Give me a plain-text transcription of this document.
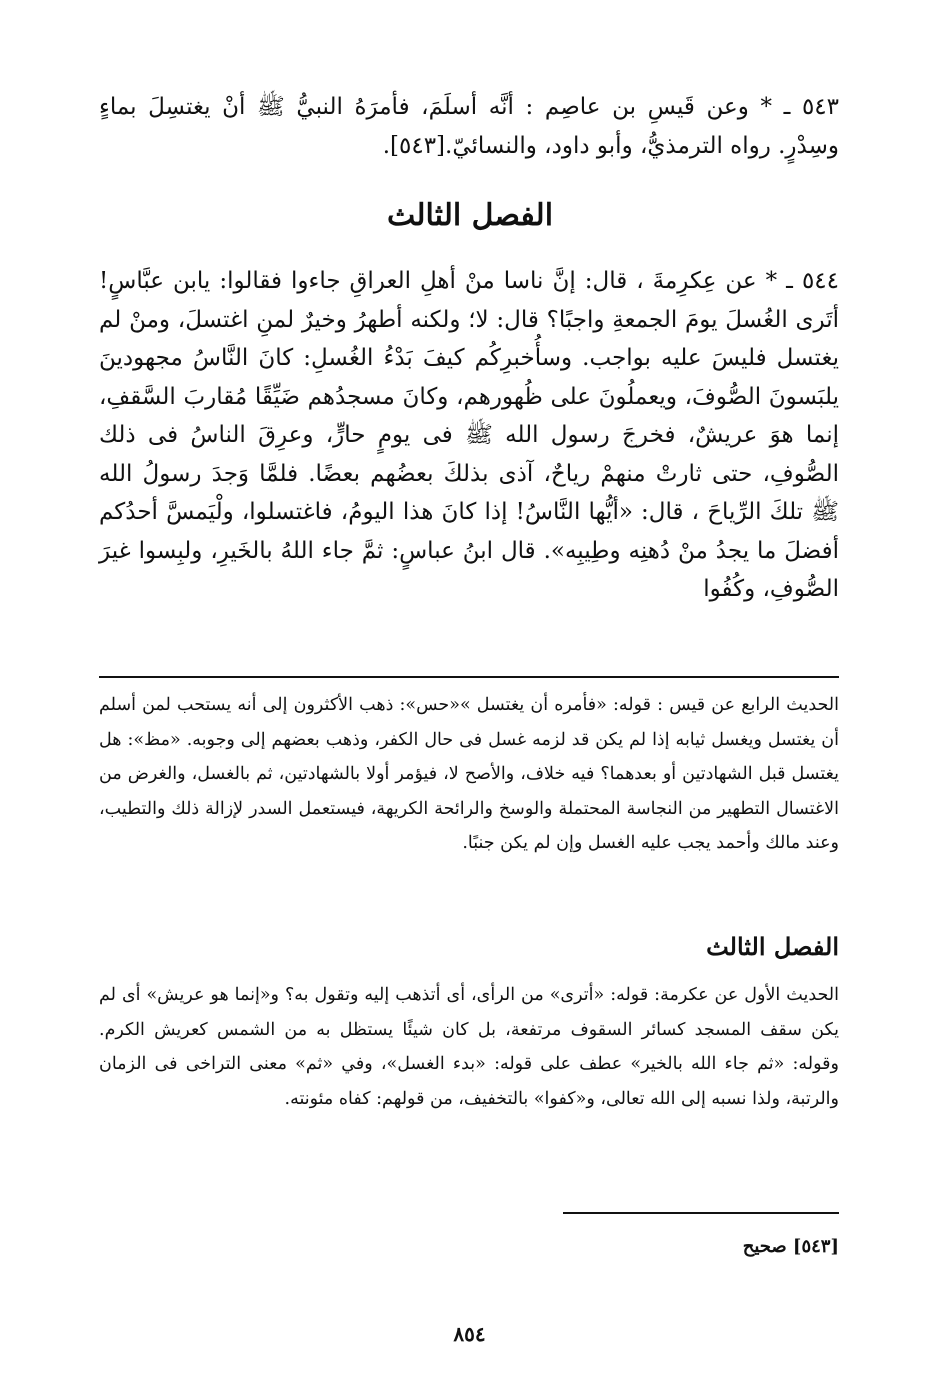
٥٤٣ ـ * وعن قَيسِ بن عاصِم : أنَّه أسلَمَ، فأمرَهُ النبيُّ ﷺ أنْ يغتسِلَ بماءٍ وسِدْرٍ. رواه الترمذيُّ، وأبو داود، والنسائيّ.[٥٤٣].

الفصل الثالث

٥٤٤ ـ * عن عِكرِمةَ ، قال: إنَّ ناسا منْ أهلِ العراقِ جاءوا فقالوا: يابن عبَّاسٍ! أتَرى الغُسلَ يومَ الجمعةِ واجبًا؟ قال: لا؛ ولكنه أطهرُ وخيرٌ لمنِ اغتسلَ، ومنْ لم يغتسل فليسَ عليه بواجب. وسأُخبرِكُم كيفَ بَدْءُ الغُسلِ: كانَ النَّاسُ مجهودينَ يلبَسونَ الصُّوفَ، ويعملُونَ على ظُهورهم، وكانَ مسجدُهم ضَيِّقًا مُقاربَ السَّقفِ، إنما هوَ عريشٌ، فخرجَ رسول الله ﷺ فى يومٍ حارٍّ، وعرِقَ الناسُ فى ذلك الصُّوفِ، حتى ثارتْ منهمْ رياحٌ، آذى بذلكَ بعضُهم بعضًا. فلمَّا وَجدَ رسولُ الله ﷺ تلكَ الرِّياحَ ، قال: «أيُّها النَّاسُ! إذا كانَ هذا اليومُ، فاغتسلوا، ولْيَمسَّ أحدُكم أفضلَ ما يجدُ منْ دُهنِه وطِيبِه». قال ابنُ عباسٍ: ثمَّ جاء اللهُ بالخَيرِ، ولبِسوا غيرَ الصُّوفِ، وكُفُوا

الحديث الرابع عن قيس : قوله: «فأمره أن يغتسل »«حس»: ذهب الأكثرون إلى أنه يستحب لمن أسلم أن يغتسل ويغسل ثيابه إذا لم يكن قد لزمه غسل فى حال الكفر، وذهب بعضهم إلى وجوبه. «مظ»: هل يغتسل قبل الشهادتين أو بعدهما؟ فيه خلاف، والأصح لا، فيؤمر أولا بالشهادتين، ثم بالغسل، والغرض من الاغتسال التطهير من النجاسة المحتملة والوسخ والرائحة الكريهة، فيستعمل السدر لإزالة ذلك والتطيب، وعند مالك وأحمد يجب عليه الغسل وإن لم يكن جنبًا.

الفصل الثالث

الحديث الأول عن عكرمة: قوله: «أترى» من الرأى، أى أتذهب إليه وتقول به؟ و«إنما هو عريش» أى لم يكن سقف المسجد كسائر السقوف مرتفعة، بل كان شيئًا يستظل به من الشمس كعريش الكرم. وقوله: «ثم جاء الله بالخير» عطف على قوله: «بدء الغسل»، وفي «ثم» معنى التراخى فى الزمان والرتبة، ولذا نسبه إلى الله تعالى، و«كفوا» بالتخفيف، من قولهم: كفاه مئونته.

[٥٤٣] صحيح
٨٥٤
